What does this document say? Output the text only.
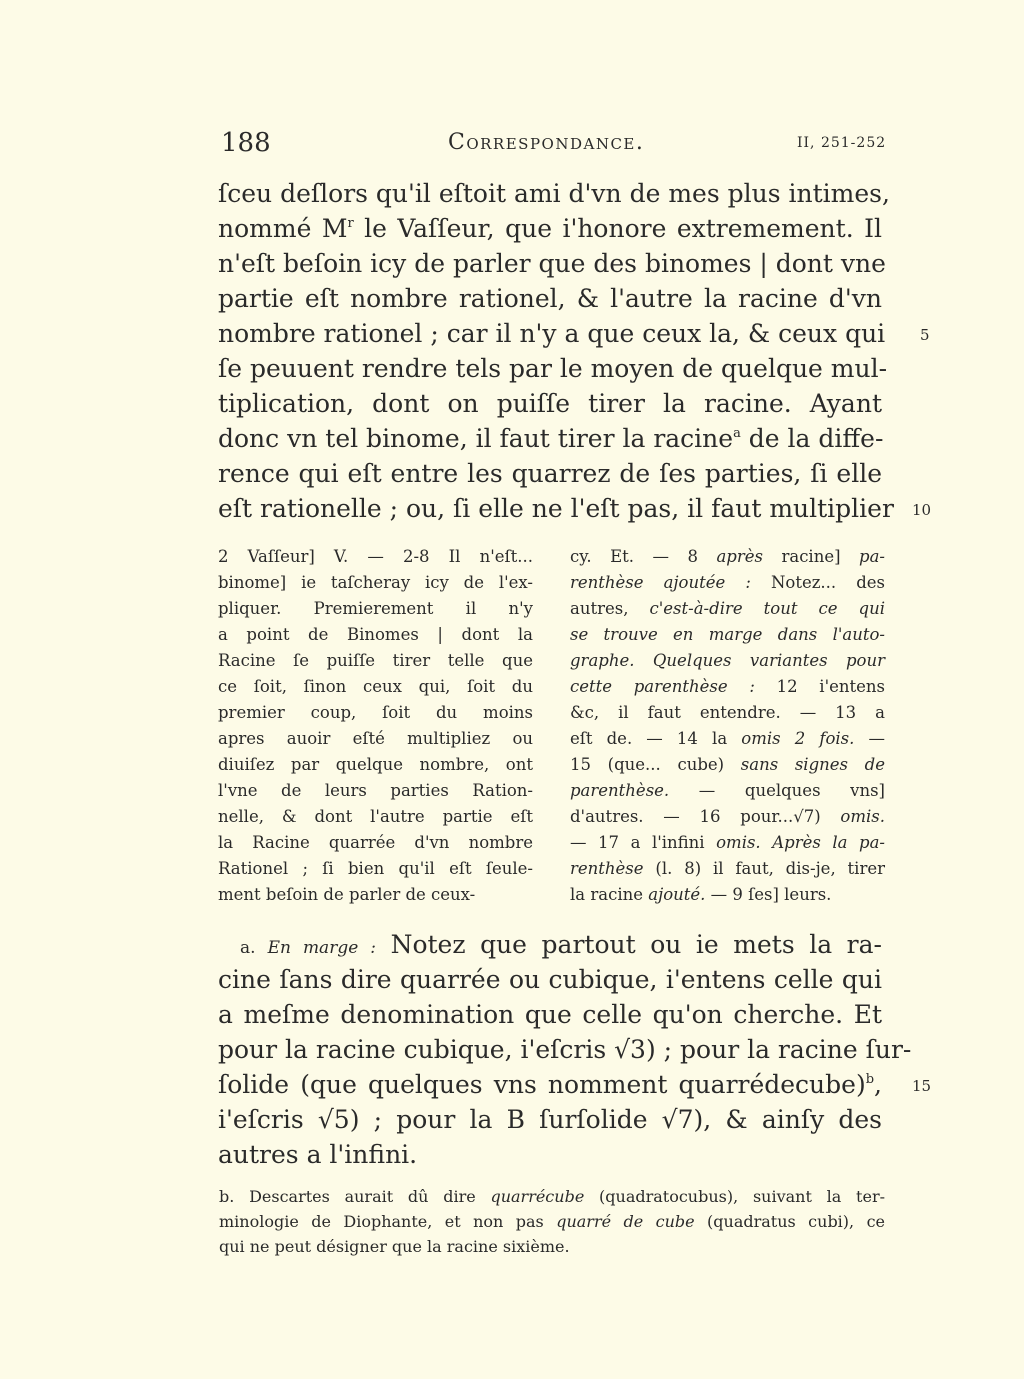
188	Correspondance.	II, 251-252
ſceu deſlors qu'il eſtoit ami d'vn de mes plus intimes,
nommé $M^r$ le Vaſſeur, que i'honore extremement. Il
n'eſt beſoin icy de parler que des binomes | dont vne
partie eſt nombre rationel, & l'autre la racine d'vn
nombre rationel ; car il n'y a que ceux la, & ceux qui
ſe peuuent rendre tels par le moyen de quelque mul-
tiplication, dont on puiſſe tirer la racine. Ayant
donc vn tel binome, il faut tirer la racine$^a$ de la diffe-
rence qui eſt entre les quarrez de ſes parties, ſi elle
eſt rationelle ; ou, ſi elle ne l'eſt pas, il faut multiplier
5
10
15
2 Vaſſeur] V. — 2-8 Il n'eſt...
binome] ie taſcheray icy de l'ex-
pliquer. Premierement il n'y
a point de Binomes | dont la
Racine ſe puiſſe tirer telle que
ce ſoit, ſinon ceux qui, ſoit du
premier coup, ſoit du moins
apres auoir eſté multipliez ou
diuiſez par quelque nombre, ont
l'vne de leurs parties Ration-
nelle, & dont l'autre partie eſt
la Racine quarrée d'vn nombre
Rationel ; ſi bien qu'il eſt ſeule-
ment beſoin de parler de ceux-
cy. Et. — 8 après racine] pa-
renthèse ajoutée : Notez... des
autres, c'est-à-dire tout ce qui
se trouve en marge dans l'auto-
graphe. Quelques variantes pour
cette parenthèse : 12 i'entens
&c, il faut entendre. — 13 a
eſt de. — 14 la omis 2 fois. —
15 (que... cube) sans signes de
parenthèse. — quelques vns]
d'autres. — 16 pour...√7) omis.
— 17 a l'infini omis. Après la pa-
renthèse (l. 8) il faut, dis-je, tirer
la racine ajouté. — 9 ſes] leurs.
a. En marge : Notez que partout ou ie mets la ra-
cine ſans dire quarrée ou cubique, i'entens celle qui
a meſme denomination que celle qu'on cherche. Et
pour la racine cubique, i'eſcris √3) ; pour la racine ſur-
ſolide (que quelques vns nomment quarrédecube)$^b$,
i'eſcris √5) ; pour la B ſurſolide √7), & ainſy des
autres a l'infini.
b. Descartes aurait dû dire quarrécube (quadratocubus), suivant la ter-
minologie de Diophante, et non pas quarré de cube (quadratus cubi), ce
qui ne peut désigner que la racine sixième.
